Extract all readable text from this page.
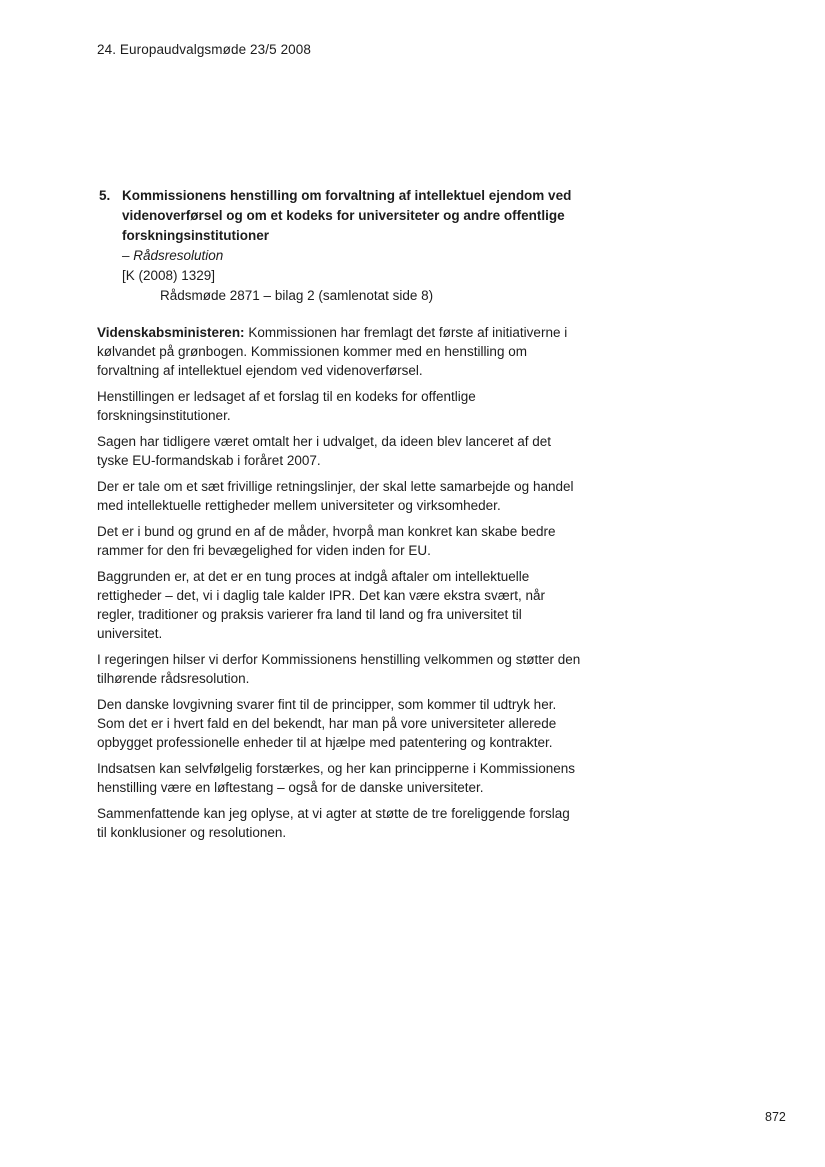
24. Europaudvalgsmøde 23/5 2008
5. Kommissionens henstilling om forvaltning af intellektuel ejendom ved videnoverførsel og om et kodeks for universiteter og andre offentlige forskningsinstitutioner
– Rådsresolution
[K (2008) 1329]
Rådsmøde 2871 – bilag 2 (samlenotat side 8)

Videnskabsministeren: Kommissionen har fremlagt det første af initiativerne i kølvandet på grønbogen. Kommissionen kommer med en henstilling om forvaltning af intellektuel ejendom ved videnoverførsel.

Henstillingen er ledsaget af et forslag til en kodeks for offentlige forskningsinstitutioner.

Sagen har tidligere været omtalt her i udvalget, da ideen blev lanceret af det tyske EU-formandskab i foråret 2007.

Der er tale om et sæt frivillige retningslinjer, der skal lette samarbejde og handel med intellektuelle rettigheder mellem universiteter og virksomheder.

Det er i bund og grund en af de måder, hvorpå man konkret kan skabe bedre rammer for den fri bevægelighed for viden inden for EU.

Baggrunden er, at det er en tung proces at indgå aftaler om intellektuelle rettigheder – det, vi i daglig tale kalder IPR. Det kan være ekstra svært, når regler, traditioner og praksis varierer fra land til land og fra universitet til universitet.

I regeringen hilser vi derfor Kommissionens henstilling velkommen og støtter den tilhørende rådsresolution.

Den danske lovgivning svarer fint til de principper, som kommer til udtryk her. Som det er i hvert fald en del bekendt, har man på vore universiteter allerede opbygget professionelle enheder til at hjælpe med patentering og kontrakter.

Indsatsen kan selvfølgelig forstærkes, og her kan principperne i Kommissionens henstilling være en løftestang – også for de danske universiteter.

Sammenfattende kan jeg oplyse, at vi agter at støtte de tre foreliggende forslag til konklusioner og resolutionen.

872
